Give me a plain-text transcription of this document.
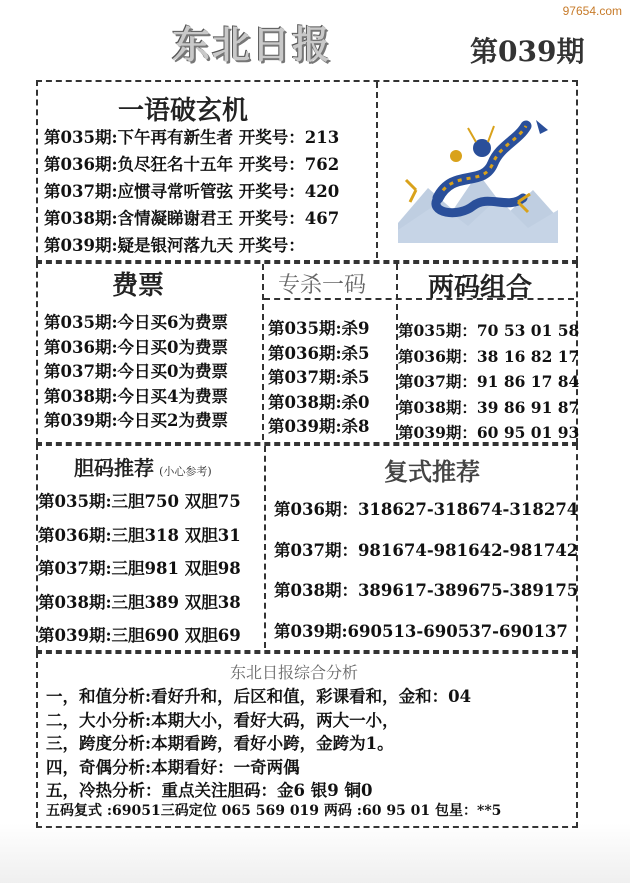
97654.com
东北日报	第039期
一语破玄机
第035期:下午再有新生者 开奖号：213
第036期:负尽狂名十五年 开奖号：762
第037期:应惯寻常听管弦 开奖号：420
第038期:含情凝睇谢君王 开奖号：467
第039期:疑是银河落九天 开奖号：
费票
第035期:今日买6为费票
第036期:今日买0为费票
第037期:今日买0为费票
第038期:今日买4为费票
第039期:今日买2为费票
专杀一码
第035期:杀9
第036期:杀5
第037期:杀5
第038期:杀0
第039期:杀8
两码组合
第035期：70 53 01 58
第036期：38 16 82 17
第037期：91 86 17 84
第038期：39 86 91 87
第039期：60 95 01 93
胆码推荐 (小心参考)
第035期:三胆750 双胆75
第036期:三胆318 双胆31
第037期:三胆981 双胆98
第038期:三胆389 双胆38
第039期:三胆690 双胆69
复式推荐
第036期：318627-318674-318274
第037期：981674-981642-981742
第038期：389617-389675-389175
第039期:690513-690537-690137
东北日报综合分析
一，和值分析:看好升和，后区和值，彩课看和，金和：04
二，大小分析:本期大小，看好大码，两大一小，
三，跨度分析:本期看跨，看好小跨，金跨为1。
四，奇偶分析:本期看好：一奇两偶
五，冷热分析：重点关注胆码：金6 银9 铜0
五码复式 :69051三码定位 065 569 019 两码 :60 95 01 包星：**5
